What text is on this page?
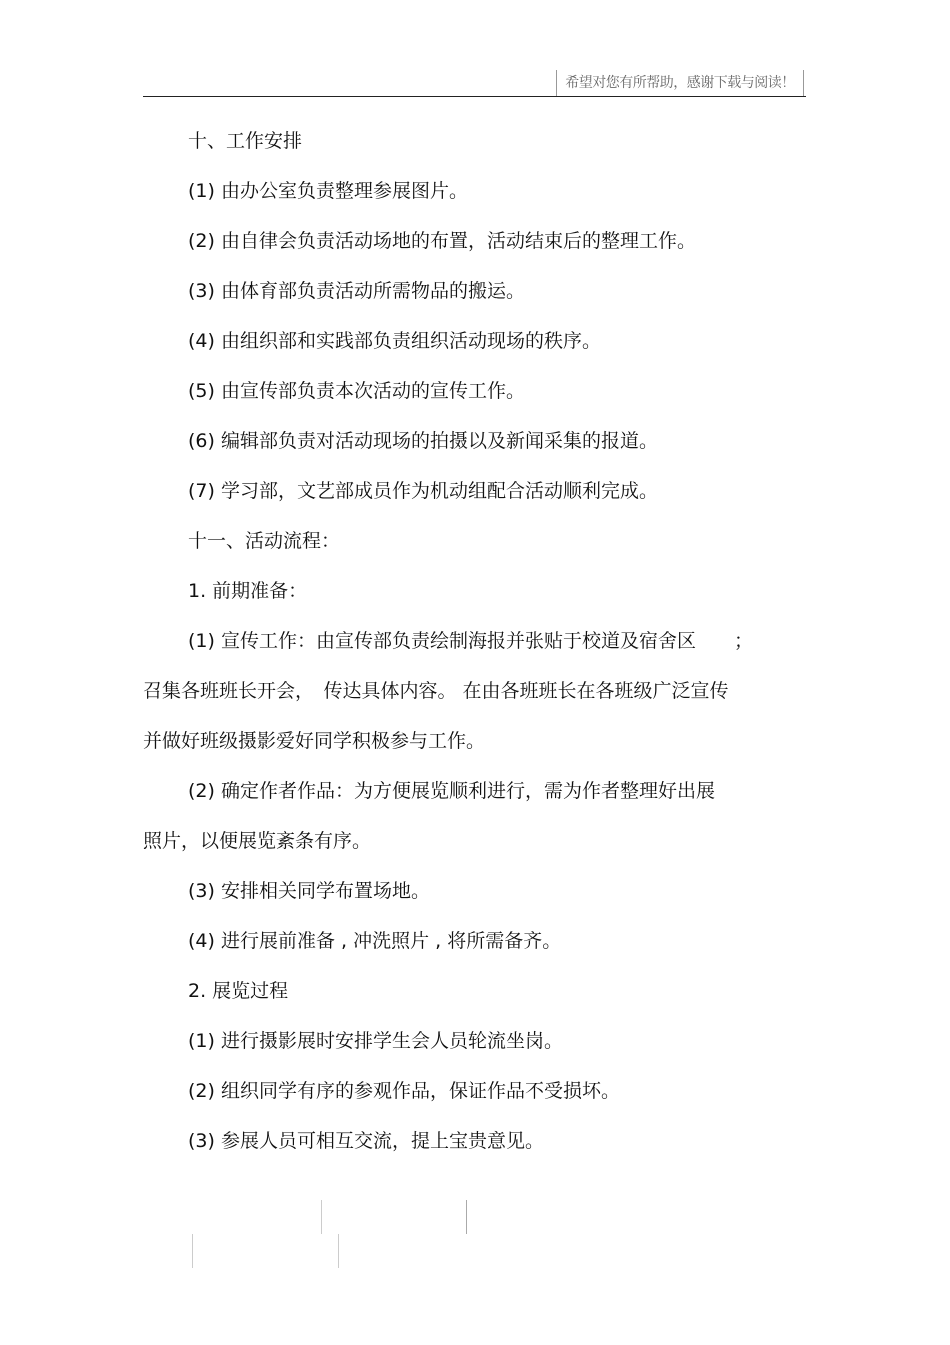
希望对您有所帮助，感谢下载与阅读！
十、工作安排
(1) 由办公室负责整理参展图片。
(2) 由自律会负责活动场地的布置，活动结束后的整理工作。
(3) 由体育部负责活动所需物品的搬运。
(4) 由组织部和实践部负责组织活动现场的秩序。
(5) 由宣传部负责本次活动的宣传工作。
(6) 编辑部负责对活动现场的拍摄以及新闻采集的报道。
(7) 学习部，文艺部成员作为机动组配合活动顺利完成。
十一、活动流程：
1. 前期准备：
(1) 宣传工作：由宣传部负责绘制海报并张贴于校道及宿舍区　　；
召集各班班长开会，　传达具体内容。 在由各班班长在各班级广泛宣传
并做好班级摄影爱好同学积极参与工作。
(2) 确定作者作品：为方便展览顺利进行，需为作者整理好出展
照片，以便展览紊条有序。
(3) 安排相关同学布置场地。
(4) 进行展前准备 , 冲洗照片 , 将所需备齐。
2. 展览过程
(1) 进行摄影展时安排学生会人员轮流坐岗。
(2) 组织同学有序的参观作品，保证作品不受损坏。
(3) 参展人员可相互交流，提上宝贵意见。
